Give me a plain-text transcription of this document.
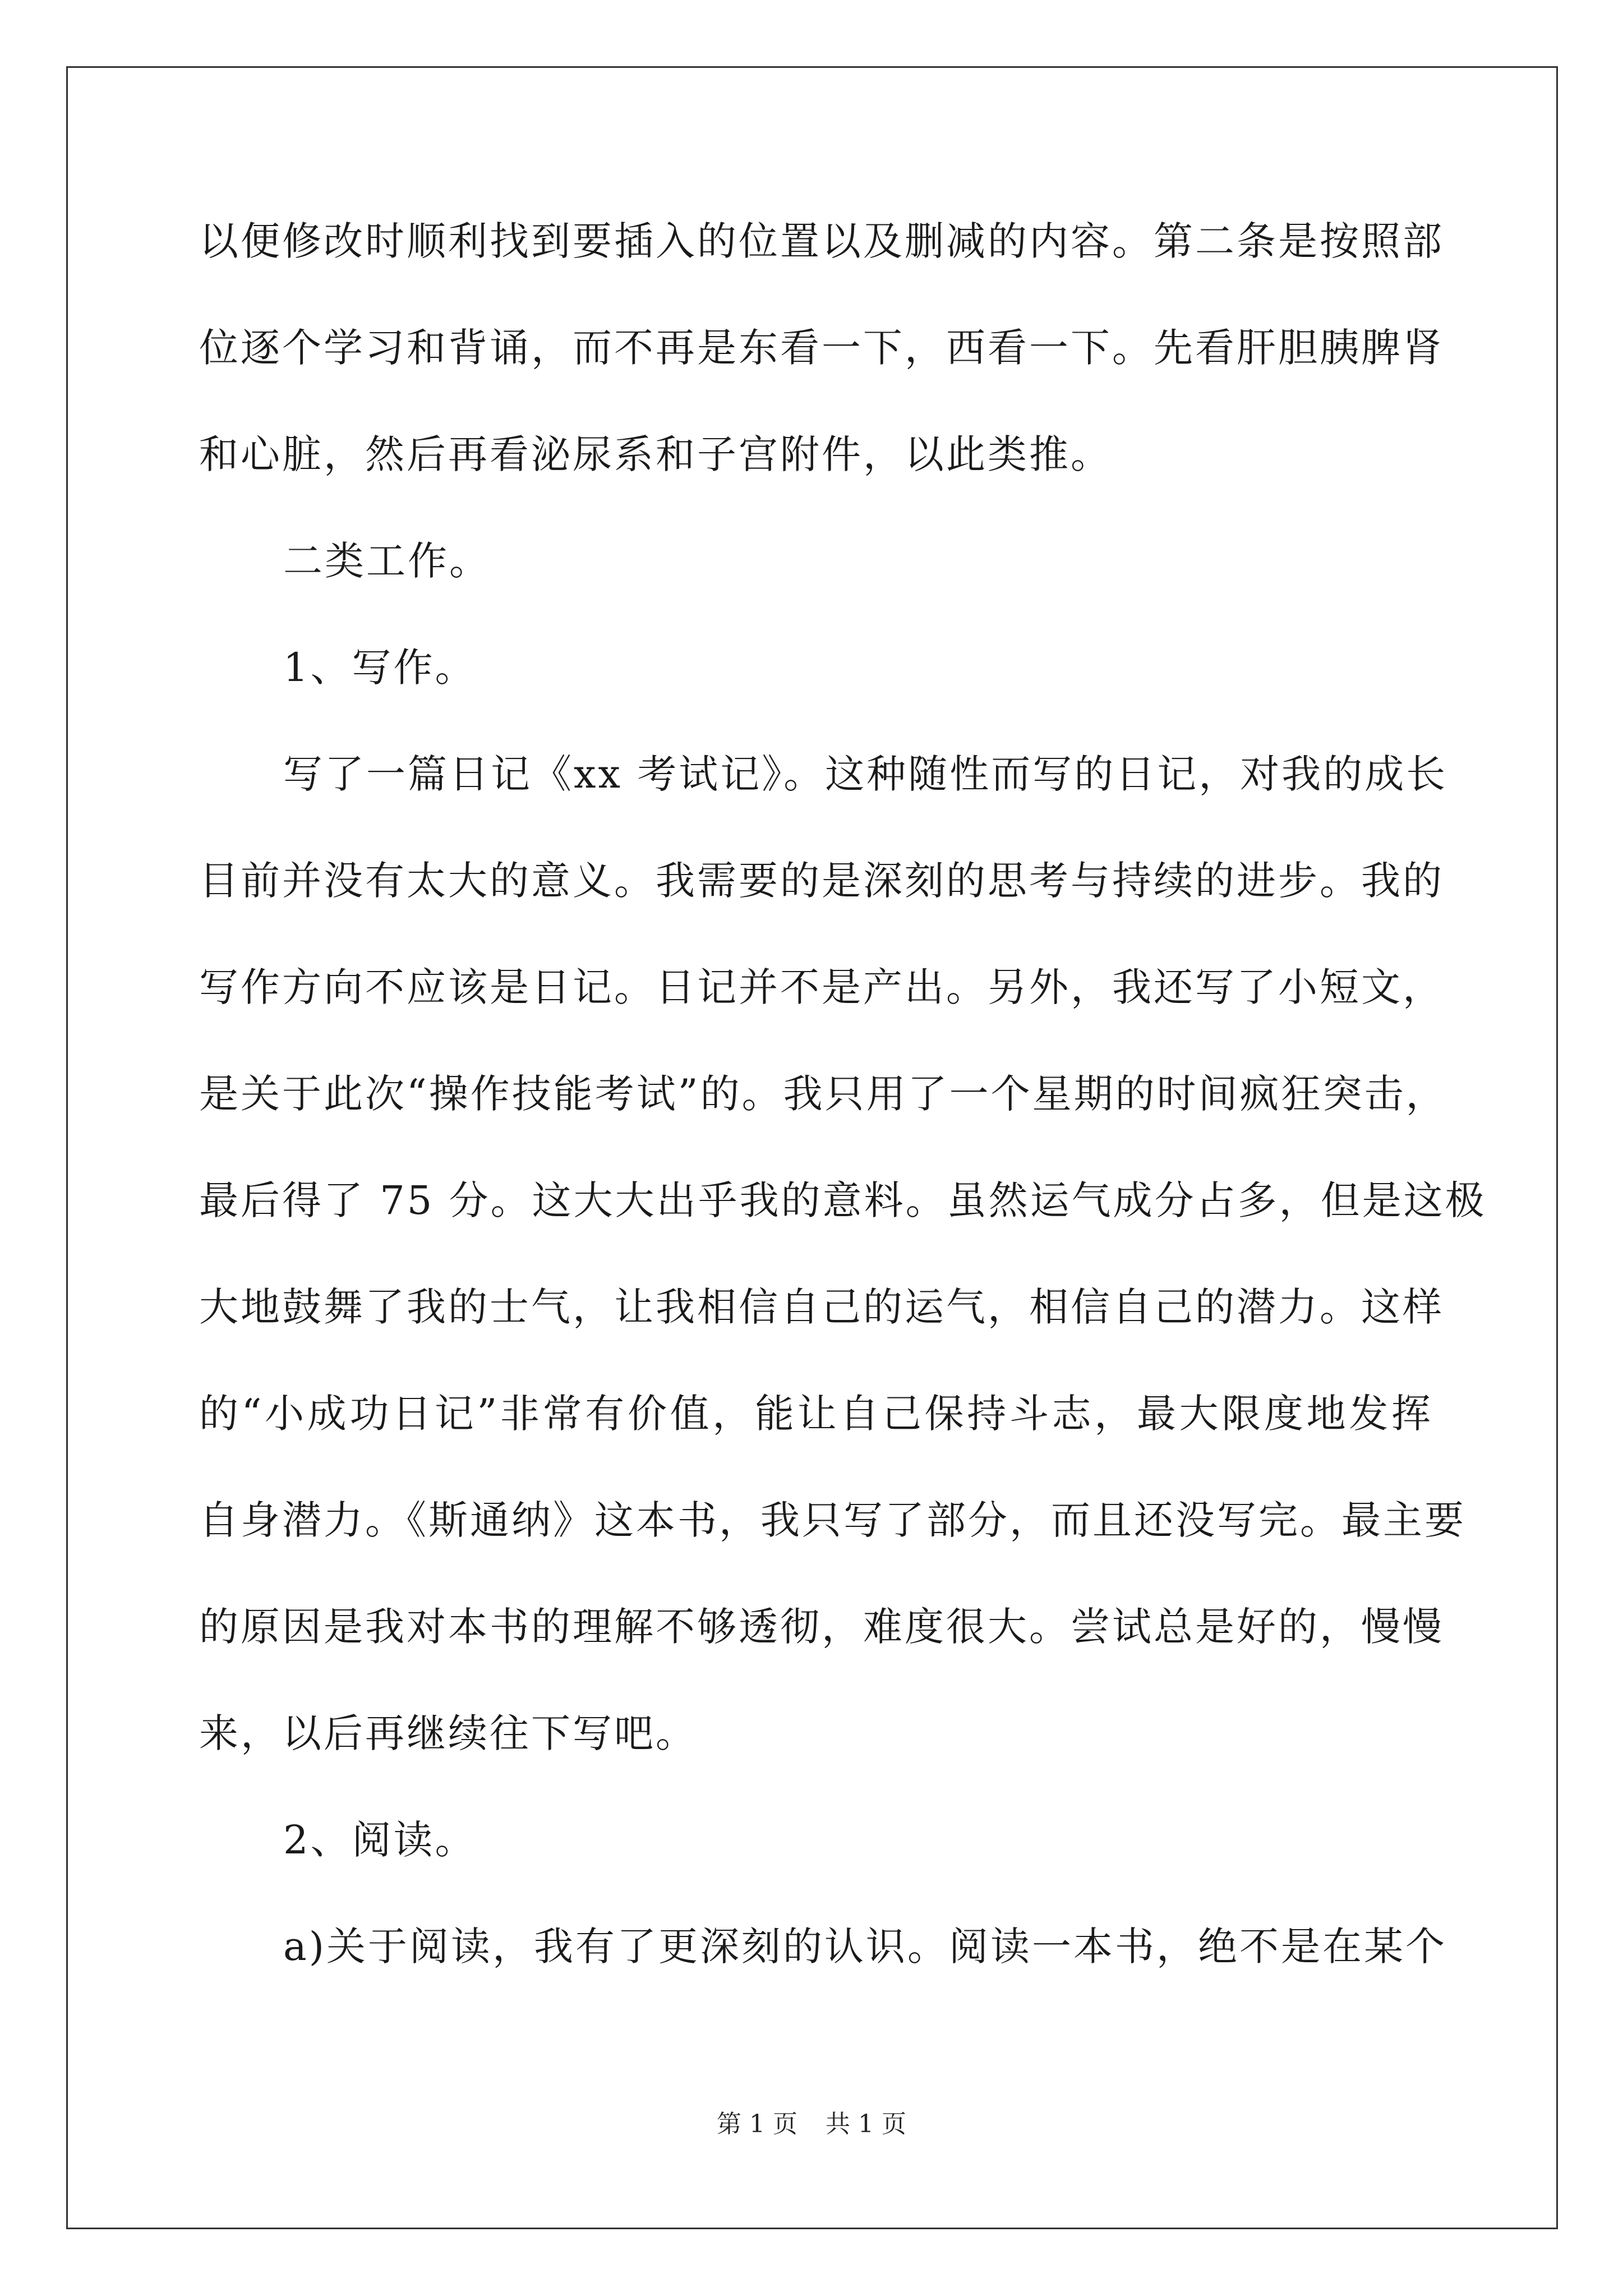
以便修改时顺利找到要插入的位置以及删减的内容。第二条是按照部
位逐个学习和背诵，而不再是东看一下，西看一下。先看肝胆胰脾肾
和心脏，然后再看泌尿系和子宫附件，以此类推。
二类工作。
1、写作。
写了一篇日记《xx 考试记》。这种随性而写的日记，对我的成长
目前并没有太大的意义。我需要的是深刻的思考与持续的进步。我的
写作方向不应该是日记。日记并不是产出。另外，我还写了小短文，
是关于此次“操作技能考试”的。我只用了一个星期的时间疯狂突击，
最后得了 75 分。这大大出乎我的意料。虽然运气成分占多，但是这极
大地鼓舞了我的士气，让我相信自己的运气，相信自己的潜力。这样
的“小成功日记”非常有价值，能让自己保持斗志，最大限度地发挥
自身潜力。《斯通纳》这本书，我只写了部分，而且还没写完。最主要
的原因是我对本书的理解不够透彻，难度很大。尝试总是好的，慢慢
来，以后再继续往下写吧。
2、阅读。
a)关于阅读，我有了更深刻的认识。阅读一本书，绝不是在某个
第 1 页 共 1 页
